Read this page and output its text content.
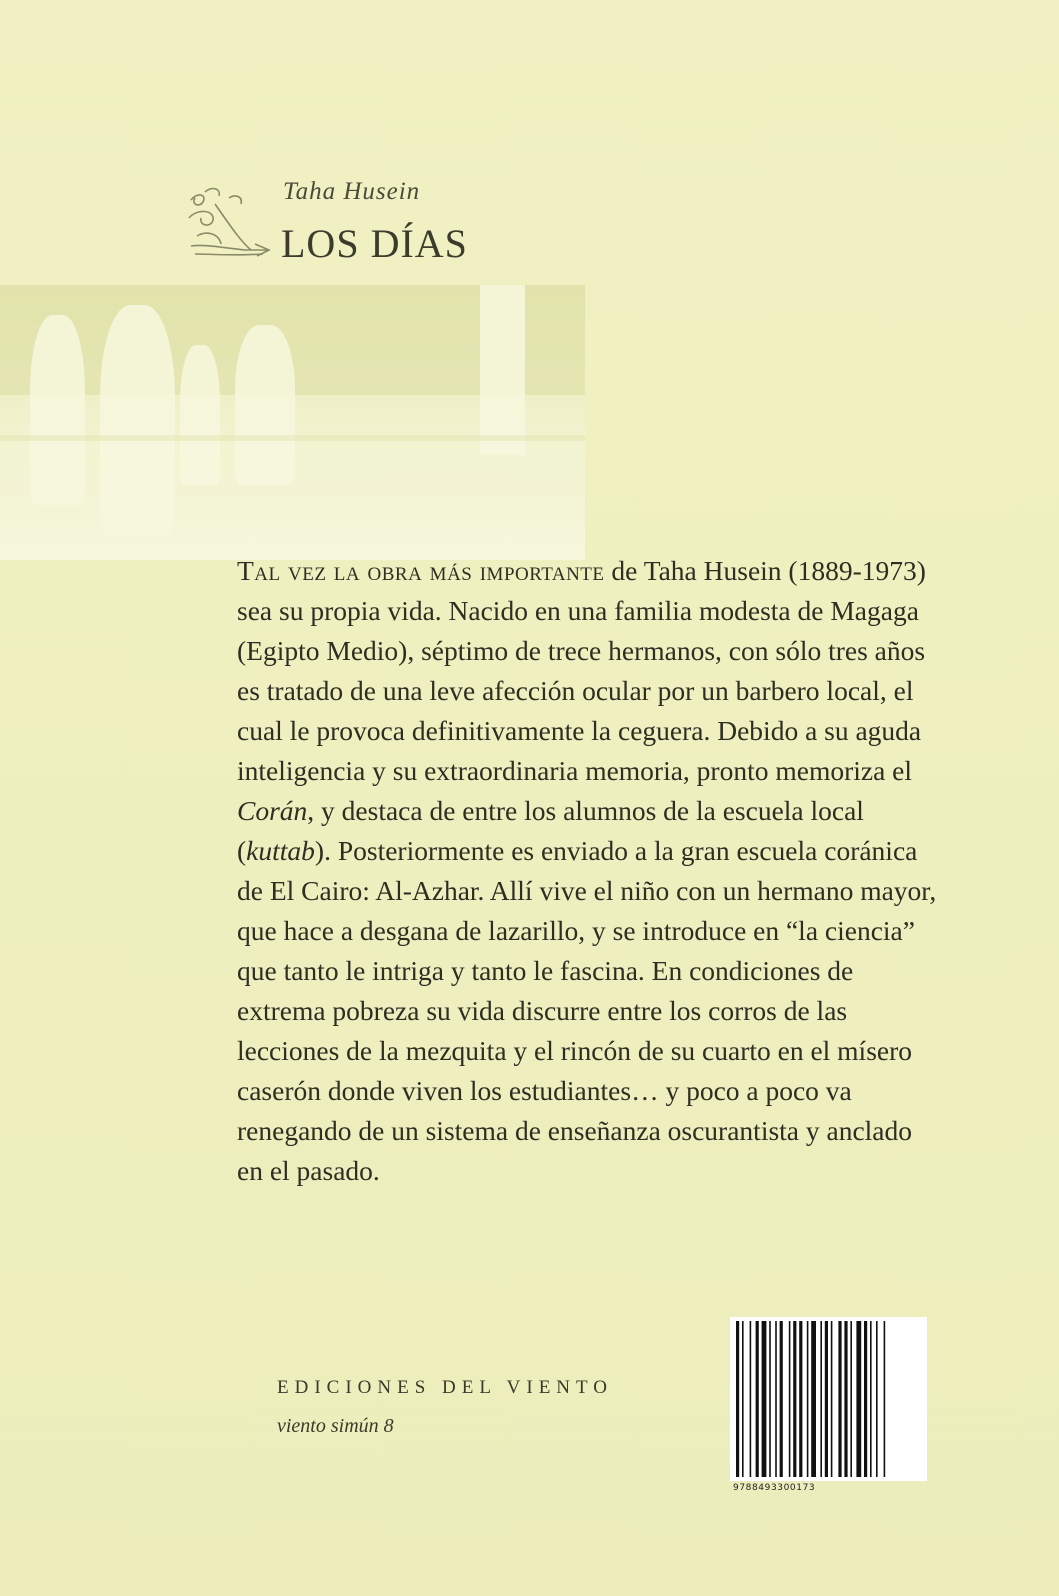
Taha Husein
LOS DÍAS

Tal vez la obra más importante de Taha Husein (1889-1973) sea su propia vida. Nacido en una familia modesta de Magaga (Egipto Medio), séptimo de trece hermanos, con sólo tres años es tratado de una leve afección ocular por un barbero local, el cual le provoca definitivamente la ceguera. Debido a su aguda inteligencia y su extraordinaria memoria, pronto memoriza el Corán, y destaca de entre los alumnos de la escuela local (kuttab). Posteriormente es enviado a la gran escuela coránica de El Cairo: Al-Azhar. Allí vive el niño con un hermano mayor, que hace a desgana de lazarillo, y se introduce en “la ciencia” que tanto le intriga y tanto le fascina. En condiciones de extrema pobreza su vida discurre entre los corros de las lecciones de la mezquita y el rincón de su cuarto en el mísero caserón donde viven los estudiantes… y poco a poco va renegando de un sistema de enseñanza oscurantista y anclado en el pasado.

EDICIONES DEL VIENTO
viento simún 8
9788493300173
